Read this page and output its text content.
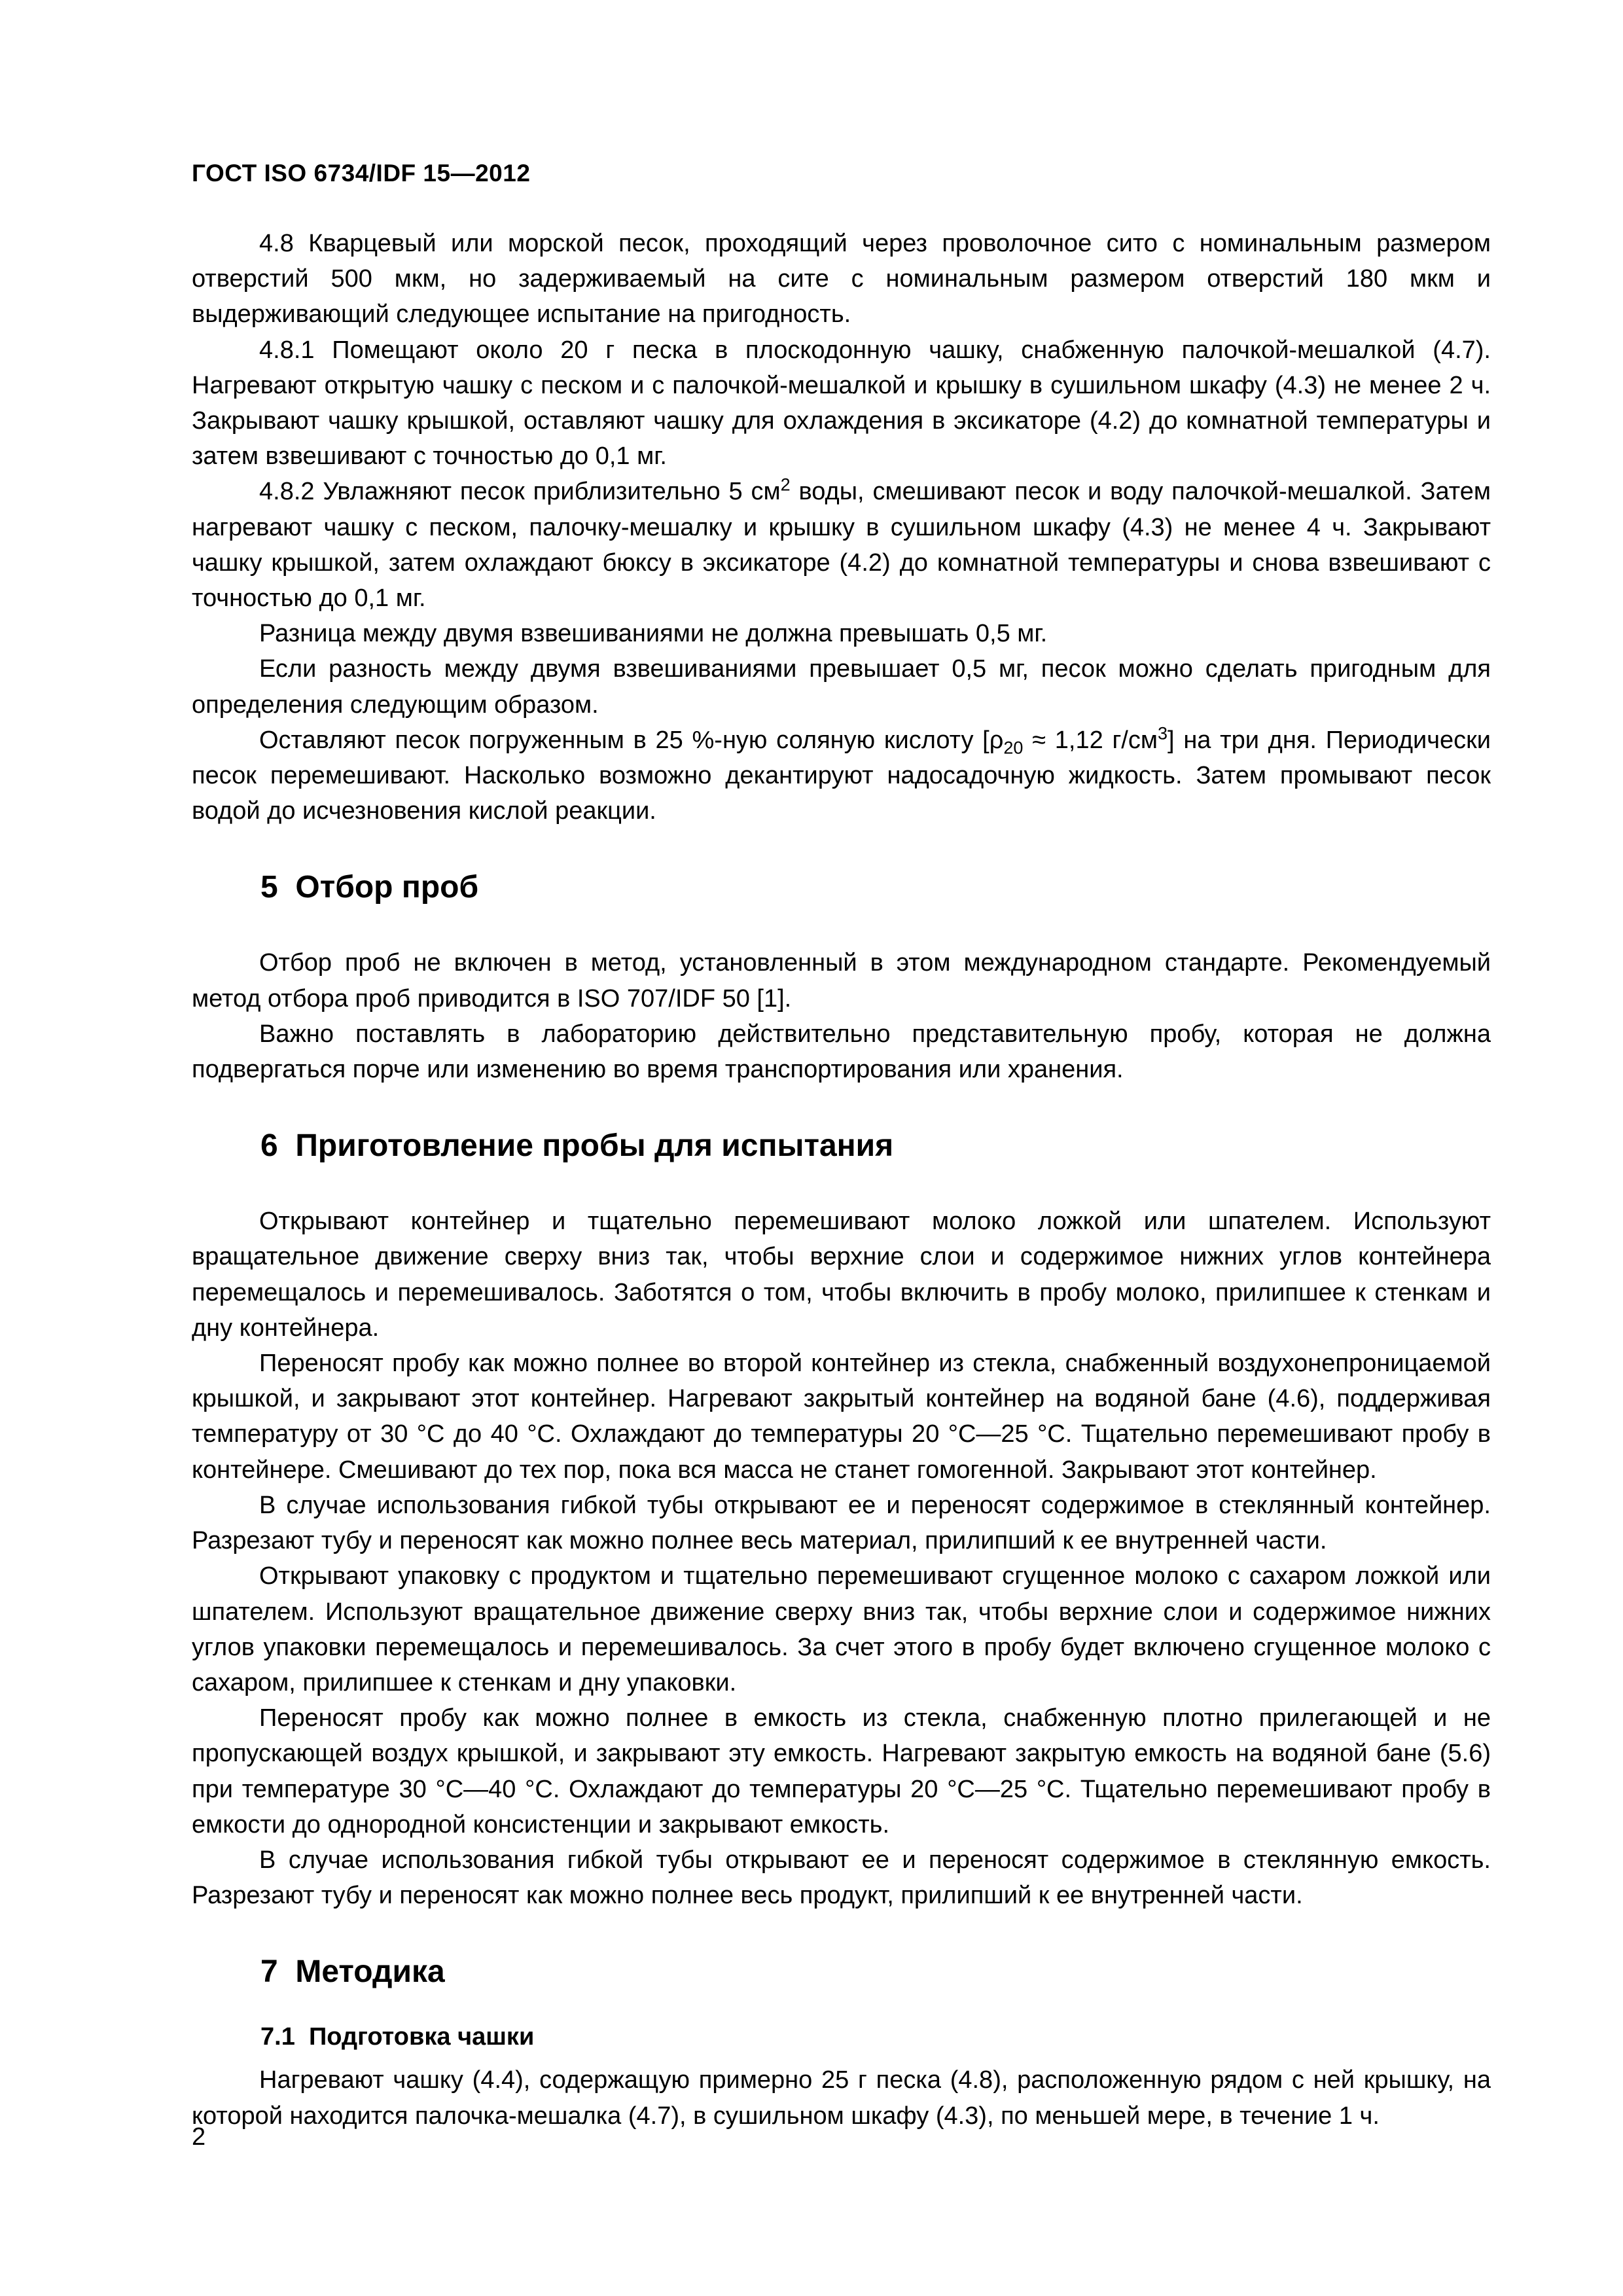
ГОСТ ISO 6734/IDF 15—2012

4.8 Кварцевый или морской песок, проходящий через проволочное сито с номинальным размером отверстий 500 мкм, но задерживаемый на сите с номинальным размером отверстий 180 мкм и выдерживающий следующее испытание на пригодность.

4.8.1 Помещают около 20 г песка в плоскодонную чашку, снабженную палочкой-мешалкой (4.7). Нагревают открытую чашку с песком и с палочкой-мешалкой и крышку в сушильном шкафу (4.3) не менее 2 ч. Закрывают чашку крышкой, оставляют чашку для охлаждения в эксикаторе (4.2) до комнатной температуры и затем взвешивают с точностью до 0,1 мг.

4.8.2 Увлажняют песок приблизительно 5 $см^2$ воды, смешивают песок и воду палочкой-мешалкой. Затем нагревают чашку с песком, палочку-мешалку и крышку в сушильном шкафу (4.3) не менее 4 ч. Закрывают чашку крышкой, затем охлаждают бюксу в эксикаторе (4.2) до комнатной температуры и снова взвешивают с точностью до 0,1 мг.

Разница между двумя взвешиваниями не должна превышать 0,5 мг.

Если разность между двумя взвешиваниями превышает 0,5 мг, песок можно сделать пригодным для определения следующим образом.

Оставляют песок погруженным в 25 %-ную соляную кислоту [$\rho_{20} \approx 1,12$ $г/см^3$] на три дня. Периодически песок перемешивают. Насколько возможно декантируют надосадочную жидкость. Затем промывают песок водой до исчезновения кислой реакции.

5  Отбор проб

Отбор проб не включен в метод, установленный в этом международном стандарте. Рекомендуемый метод отбора проб приводится в ISO 707/IDF 50 [1].

Важно поставлять в лабораторию действительно представительную пробу, которая не должна подвергаться порче или изменению во время транспортирования или хранения.

6  Приготовление пробы для испытания

Открывают контейнер и тщательно перемешивают молоко ложкой или шпателем. Используют вращательное движение сверху вниз так, чтобы верхние слои и содержимое нижних углов контейнера перемещалось и перемешивалось. Заботятся о том, чтобы включить в пробу молоко, прилипшее к стенкам и дну контейнера.

Переносят пробу как можно полнее во второй контейнер из стекла, снабженный воздухонепроницаемой крышкой, и закрывают этот контейнер. Нагревают закрытый контейнер на водяной бане (4.6), поддерживая температуру от 30 °С до 40 °С. Охлаждают до температуры 20 °С—25 °С. Тщательно перемешивают пробу в контейнере. Смешивают до тех пор, пока вся масса не станет гомогенной. Закрывают этот контейнер.

В случае использования гибкой тубы открывают ее и переносят содержимое в стеклянный контейнер. Разрезают тубу и переносят как можно полнее весь материал, прилипший к ее внутренней части.

Открывают упаковку с продуктом и тщательно перемешивают сгущенное молоко с сахаром ложкой или шпателем. Используют вращательное движение сверху вниз так, чтобы верхние слои и содержимое нижних углов упаковки перемещалось и перемешивалось. За счет этого в пробу будет включено сгущенное молоко с сахаром, прилипшее к стенкам и дну упаковки.

Переносят пробу как можно полнее в емкость из стекла, снабженную плотно прилегающей и не пропускающей воздух крышкой, и закрывают эту емкость. Нагревают закрытую емкость на водяной бане (5.6) при температуре 30 °С—40 °С. Охлаждают до температуры 20 °С—25 °С. Тщательно перемешивают пробу в емкости до однородной консистенции и закрывают емкость.

В случае использования гибкой тубы открывают ее и переносят содержимое в стеклянную емкость. Разрезают тубу и переносят как можно полнее весь продукт, прилипший к ее внутренней части.

7  Методика
7.1  Подготовка чашки

Нагревают чашку (4.4), содержащую примерно 25 г песка (4.8), расположенную рядом с ней крышку, на которой находится палочка-мешалка (4.7), в сушильном шкафу (4.3), по меньшей мере, в течение 1 ч.

2
